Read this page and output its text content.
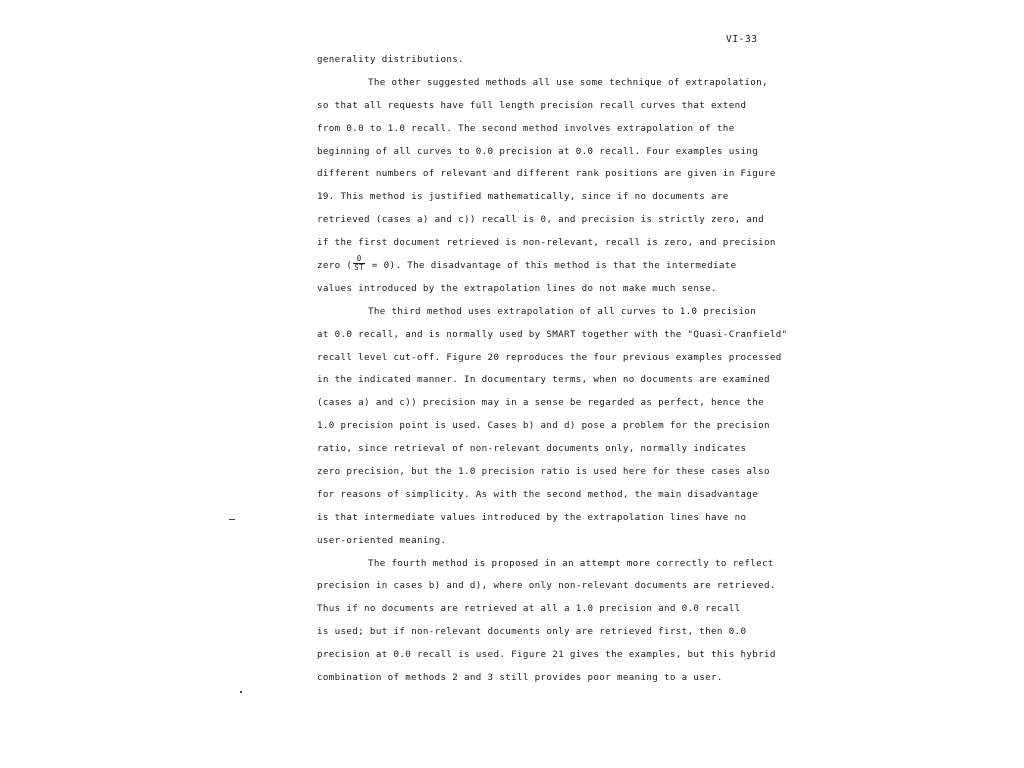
VI-33
generality distributions.
The other suggested methods all use some technique of extrapolation,
so that all requests have full length precision recall curves that extend
from 0.0 to 1.0 recall. The second method involves extrapolation of the
beginning of all curves to 0.0 precision at 0.0 recall. Four examples using
different numbers of relevant and different rank positions are given in Figure
19. This method is justified mathematically, since if no documents are
retrieved (cases a) and c)) recall is 0, and precision is strictly zero, and
if the first document retrieved is non-relevant, recall is zero, and precision
zero ( $\frac{0}{ST} = 0$). The disadvantage of this method is that the intermediate
values introduced by the extrapolation lines do not make much sense.
The third method uses extrapolation of all curves to 1.0 precision
at 0.0 recall, and is normally used by SMART together with the "Quasi-Cranfield"
recall level cut-off. Figure 20 reproduces the four previous examples processed
in the indicated manner. In documentary terms, when no documents are examined
(cases a) and c)) precision may in a sense be regarded as perfect, hence the
1.0 precision point is used. Cases b) and d) pose a problem for the precision
ratio, since retrieval of non-relevant documents only, normally indicates
zero precision, but the 1.0 precision ratio is used here for these cases also
for reasons of simplicity. As with the second method, the main disadvantage
is that intermediate values introduced by the extrapolation lines have no
user-oriented meaning.
The fourth method is proposed in an attempt more correctly to reflect
precision in cases b) and d), where only non-relevant documents are retrieved.
Thus if no documents are retrieved at all a 1.0 precision and 0.0 recall
is used; but if non-relevant documents only are retrieved first, then 0.0
precision at 0.0 recall is used. Figure 21 gives the examples, but this hybrid
combination of methods 2 and 3 still provides poor meaning to a user.
